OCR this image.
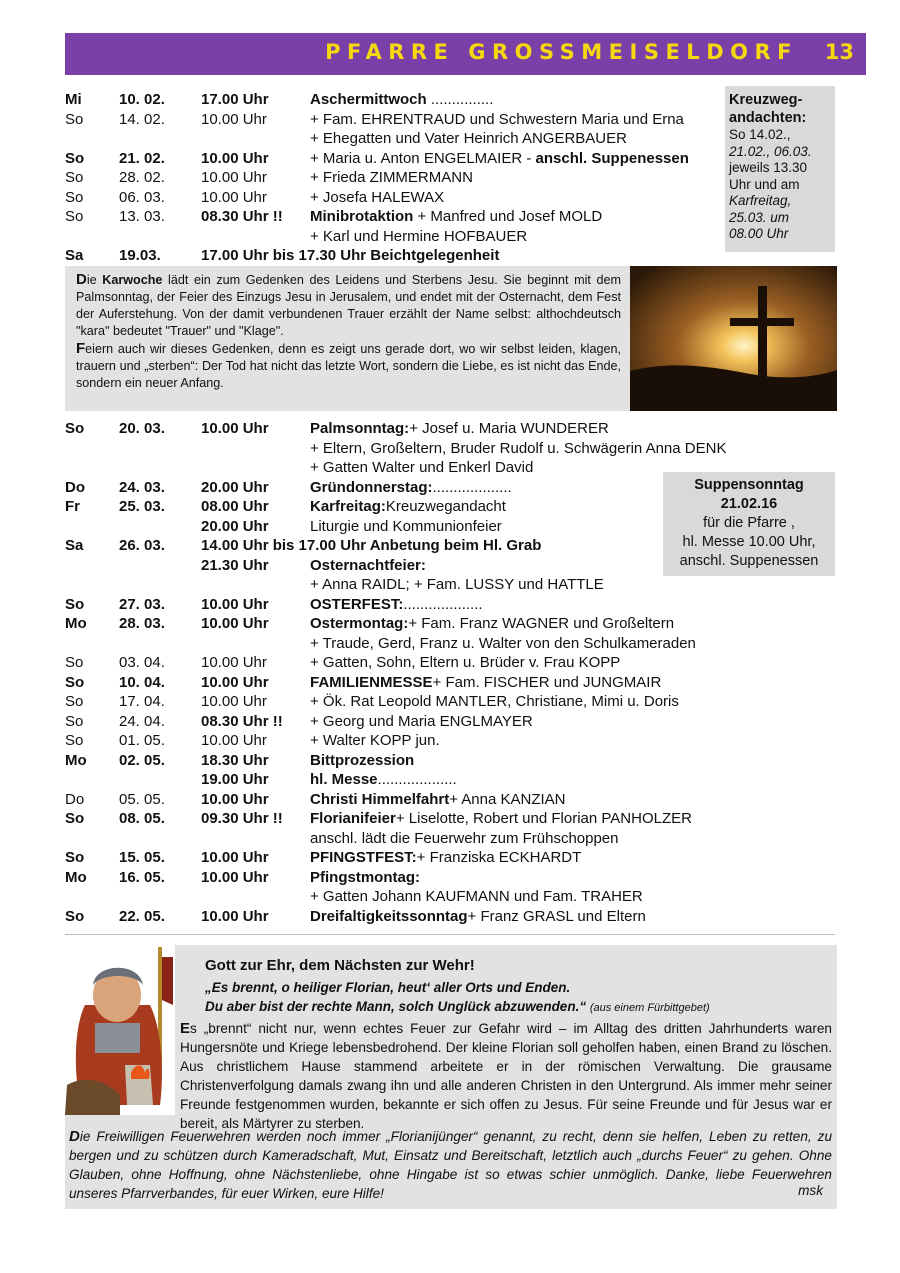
PFARRE GROSSMEISELDORF 13
Mi 10. 02. 17.00 Uhr	Aschermittwoch ...............
So 14. 02. 10.00 Uhr	+ Fam. EHRENTRAUD und Schwestern Maria und Erna
+ Ehegatten und Vater Heinrich ANGERBAUER
So 21. 02. 10.00 Uhr	+ Maria u. Anton ENGELMAIER - anschl. Suppenessen
So 28. 02. 10.00 Uhr	+ Frieda ZIMMERMANN
So 06. 03. 10.00 Uhr	+ Josefa HALEWAX
So 13. 03. 08.30 Uhr !! Minibrotaktion + Manfred und Josef MOLD
+ Karl und Hermine HOFBAUER
Sa 19.03.	17.00 Uhr bis 17.30 Uhr Beichtgelegenheit
Kreuzweg-
andachten:
So 14.02.,
21.02., 06.03.
jeweils 13.30
Uhr und am
Karfreitag,
25.03. um
08.00 Uhr
Die Karwoche lädt ein zum Gedenken des Leidens und Sterbens Jesu. Sie beginnt mit dem Palmsonntag, der Feier des Einzugs Jesu in Jerusalem, und endet mit der Osternacht, dem Fest der Auferstehung. Von der damit verbundenen Trauer erzählt der Name selbst: althochdeutsch "kara" bedeutet "Trauer" und "Klage".
Feiern auch wir dieses Gedenken, denn es zeigt uns gerade dort, wo wir selbst leiden, klagen, trauern und „sterben“: Der Tod hat nicht das letzte Wort, sondern die Liebe, es ist nicht das Ende, sondern ein neuer Anfang.
So 20. 03. 10.00 Uhr	Palmsonntag: + Josef u. Maria WUNDERER
+ Eltern, Großeltern, Bruder Rudolf u. Schwägerin Anna DENK
+ Gatten Walter und Enkerl David
Do 24. 03. 20.00 Uhr	Gründonnerstag: ...................
Fr	25. 03. 08.00 Uhr	Karfreitag: Kreuzwegandacht
20.00 Uhr	Liturgie und Kommunionfeier
Sa 26. 03. 14.00 Uhr bis 17.00 Uhr Anbetung beim Hl. Grab
21.30 Uhr	Osternachtfeier:
+ Anna RAIDL; + Fam. LUSSY und HATTLE
So 27. 03. 10.00 Uhr	OSTERFEST: ...................
Mo 28. 03. 10.00 Uhr	Ostermontag: + Fam. Franz WAGNER und Großeltern
+ Traude, Gerd, Franz u. Walter von den Schulkameraden
So 03. 04. 10.00 Uhr	+ Gatten, Sohn, Eltern u. Brüder v. Frau KOPP
So 10. 04. 10.00 Uhr	FAMILIENMESSE + Fam. FISCHER und JUNGMAIR
So 17. 04. 10.00 Uhr	+ Ök. Rat Leopold MANTLER, Christiane, Mimi u. Doris
So 24. 04. 08.30 Uhr !! + Georg und Maria ENGLMAYER
So 01. 05. 10.00 Uhr	+ Walter KOPP jun.
Mo 02. 05. 18.30 Uhr	Bittprozession
19.00 Uhr	hl. Messe ...................
Do 05. 05. 10.00 Uhr	Christi Himmelfahrt + Anna KANZIAN
So 08. 05. 09.30 Uhr !! Florianifeier + Liselotte, Robert und Florian PANHOLZER
anschl. lädt die Feuerwehr zum Frühschoppen
So 15. 05. 10.00 Uhr	PFINGSTFEST: + Franziska ECKHARDT
Mo 16. 05. 10.00 Uhr	Pfingstmontag:
+ Gatten Johann KAUFMANN und Fam. TRAHER
So 22. 05. 10.00 Uhr	Dreifaltigkeitssonntag + Franz GRASL und Eltern
Suppensonntag
21.02.16
für die Pfarre ,
hl. Messe 10.00 Uhr,
anschl. Suppenessen
Gott zur Ehr, dem Nächsten zur Wehr!
„Es brennt, o heiliger Florian, heut‘ aller Orts und Enden.
Du aber bist der rechte Mann, solch Unglück abzuwenden.“ (aus einem Fürbittgebet)
Es „brennt“ nicht nur, wenn echtes Feuer zur Gefahr wird – im Alltag des dritten Jahrhunderts waren Hungersnöte und Kriege lebensbedrohend. Der kleine Florian soll geholfen haben, einen Brand zu löschen. Aus christlichem Hause stammend arbeitete er in der römischen Verwaltung. Die grausame Christenverfolgung damals zwang ihn und alle anderen Christen in den Untergrund. Als immer mehr seiner Freunde festgenommen wurden, bekannte er sich offen zu Jesus. Für seine Freunde und für Jesus war er bereit, als Märtyrer zu sterben.
Die Freiwilligen Feuerwehren werden noch immer „Florianijünger“ genannt, zu recht, denn sie helfen, Leben zu retten, zu bergen und zu schützen durch Kameradschaft, Mut, Einsatz und Bereitschaft, letztlich auch „durchs Feuer“ zu gehen. Ohne Glauben, ohne Hoffnung, ohne Nächstenliebe, ohne Hingabe ist so etwas schier unmöglich. Danke, liebe Feuerwehren unseres Pfarrverbandes, für euer Wirken, eure Hilfe!	msk
